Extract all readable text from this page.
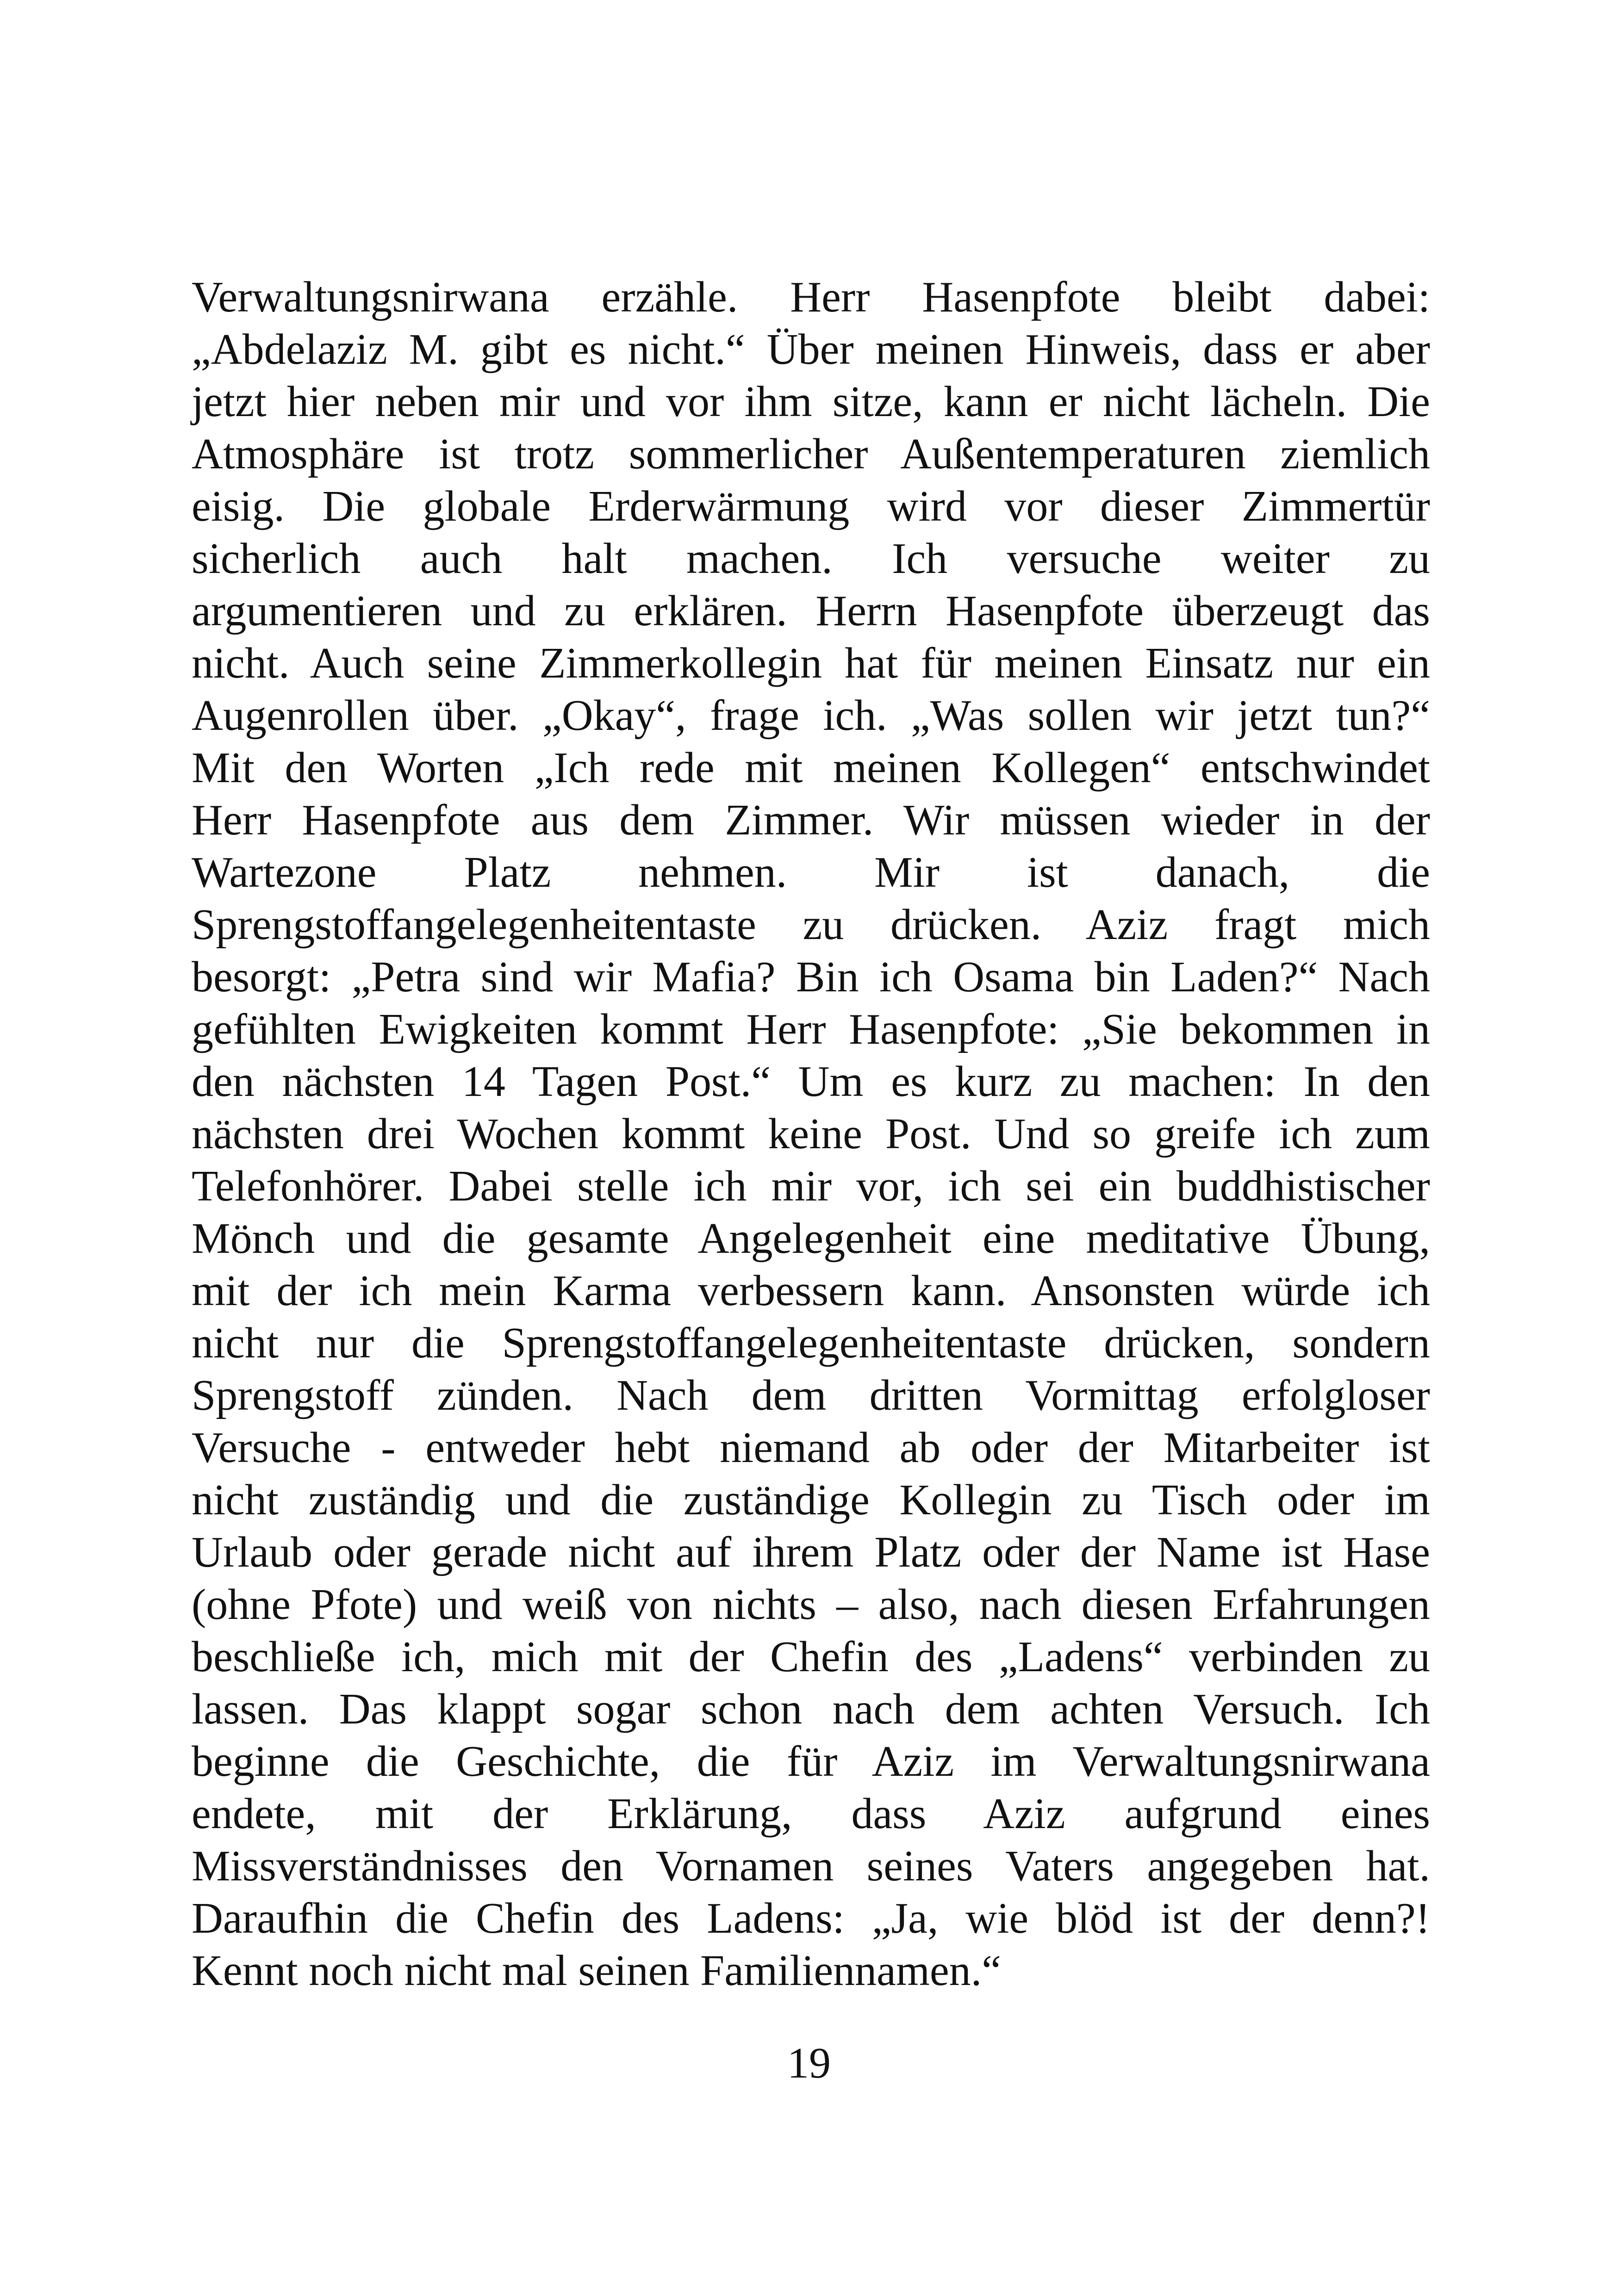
Verwaltungsnirwana erzähle. Herr Hasenpfote bleibt dabei:
„Abdelaziz M. gibt es nicht.“ Über meinen Hinweis, dass er aber
jetzt hier neben mir und vor ihm sitze, kann er nicht lächeln. Die
Atmosphäre ist trotz sommerlicher Außentemperaturen ziemlich
eisig. Die globale Erderwärmung wird vor dieser Zimmertür
sicherlich auch halt machen. Ich versuche weiter zu
argumentieren und zu erklären. Herrn Hasenpfote überzeugt das
nicht. Auch seine Zimmerkollegin hat für meinen Einsatz nur ein
Augenrollen über. „Okay“, frage ich. „Was sollen wir jetzt tun?“
Mit den Worten „Ich rede mit meinen Kollegen“ entschwindet
Herr Hasenpfote aus dem Zimmer. Wir müssen wieder in der
Wartezone Platz nehmen. Mir ist danach, die
Sprengstoffangelegenheitentaste zu drücken. Aziz fragt mich
besorgt: „Petra sind wir Mafia? Bin ich Osama bin Laden?“ Nach
gefühlten Ewigkeiten kommt Herr Hasenpfote: „Sie bekommen in
den nächsten 14 Tagen Post.“ Um es kurz zu machen: In den
nächsten drei Wochen kommt keine Post. Und so greife ich zum
Telefonhörer. Dabei stelle ich mir vor, ich sei ein buddhistischer
Mönch und die gesamte Angelegenheit eine meditative Übung,
mit der ich mein Karma verbessern kann. Ansonsten würde ich
nicht nur die Sprengstoffangelegenheitentaste drücken, sondern
Sprengstoff zünden. Nach dem dritten Vormittag erfolgloser
Versuche - entweder hebt niemand ab oder der Mitarbeiter ist
nicht zuständig und die zuständige Kollegin zu Tisch oder im
Urlaub oder gerade nicht auf ihrem Platz oder der Name ist Hase
(ohne Pfote) und weiß von nichts – also, nach diesen Erfahrungen
beschließe ich, mich mit der Chefin des „Ladens“ verbinden zu
lassen. Das klappt sogar schon nach dem achten Versuch. Ich
beginne die Geschichte, die für Aziz im Verwaltungsnirwana
endete, mit der Erklärung, dass Aziz aufgrund eines
Missverständnisses den Vornamen seines Vaters angegeben hat.
Daraufhin die Chefin des Ladens: „Ja, wie blöd ist der denn?!
Kennt noch nicht mal seinen Familiennamen.“
19
